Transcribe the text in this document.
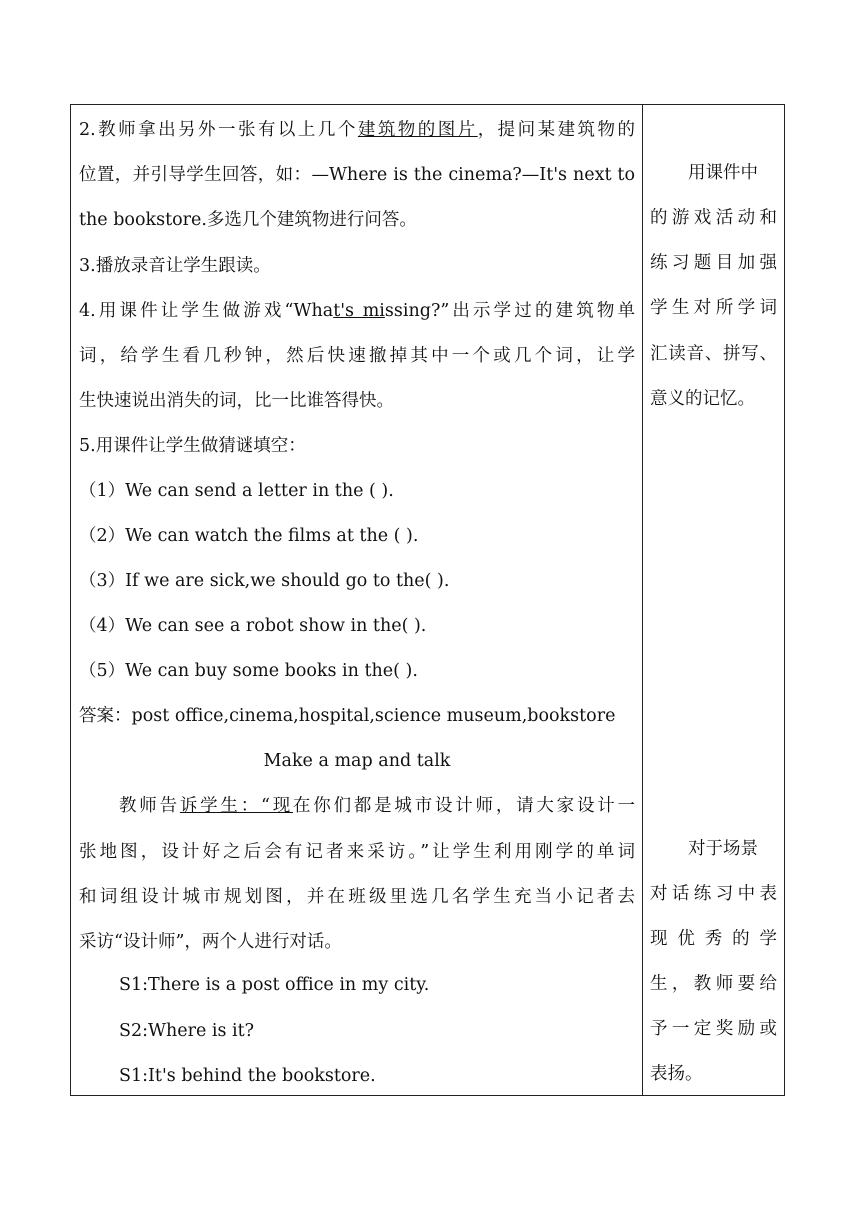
2.教师拿出另外一张有以上几个建筑物的图片，提问某建筑物的
位置，并引导学生回答，如：—Where is the cinema?—It's next to
the bookstore.多选几个建筑物进行问答。
3.播放录音让学生跟读。
4.用课件让学生做游戏“What's missing?”出示学过的建筑物单
词，给学生看几秒钟，然后快速撤掉其中一个或几个词，让学
生快速说出消失的词，比一比谁答得快。
5.用课件让学生做猜谜填空：
（1）We can send a letter in the ( ).
（2）We can watch the films at the ( ).
（3）If we are sick,we should go to the( ).
（4）We can see a robot show in the( ).
（5）We can buy some books in the( ).
答案：post office,cinema,hospital,science museum,bookstore
Make a map and talk
教师告诉学生：“现在你们都是城市设计师，请大家设计一
张地图，设计好之后会有记者来采访。”让学生利用刚学的单词
和词组设计城市规划图，并在班级里选几名学生充当小记者去
采访“设计师”，两个人进行对话。
S1:There is a post office in my city.
S2:Where is it?
S1:It's behind the bookstore.
用课件中
的游戏活动和
练习题目加强
学生对所学词
汇读音、拼写、
意义的记忆。
对于场景
对话练习中表
现 优 秀 的 学
生，教师要给
予一定奖励或
表扬。
